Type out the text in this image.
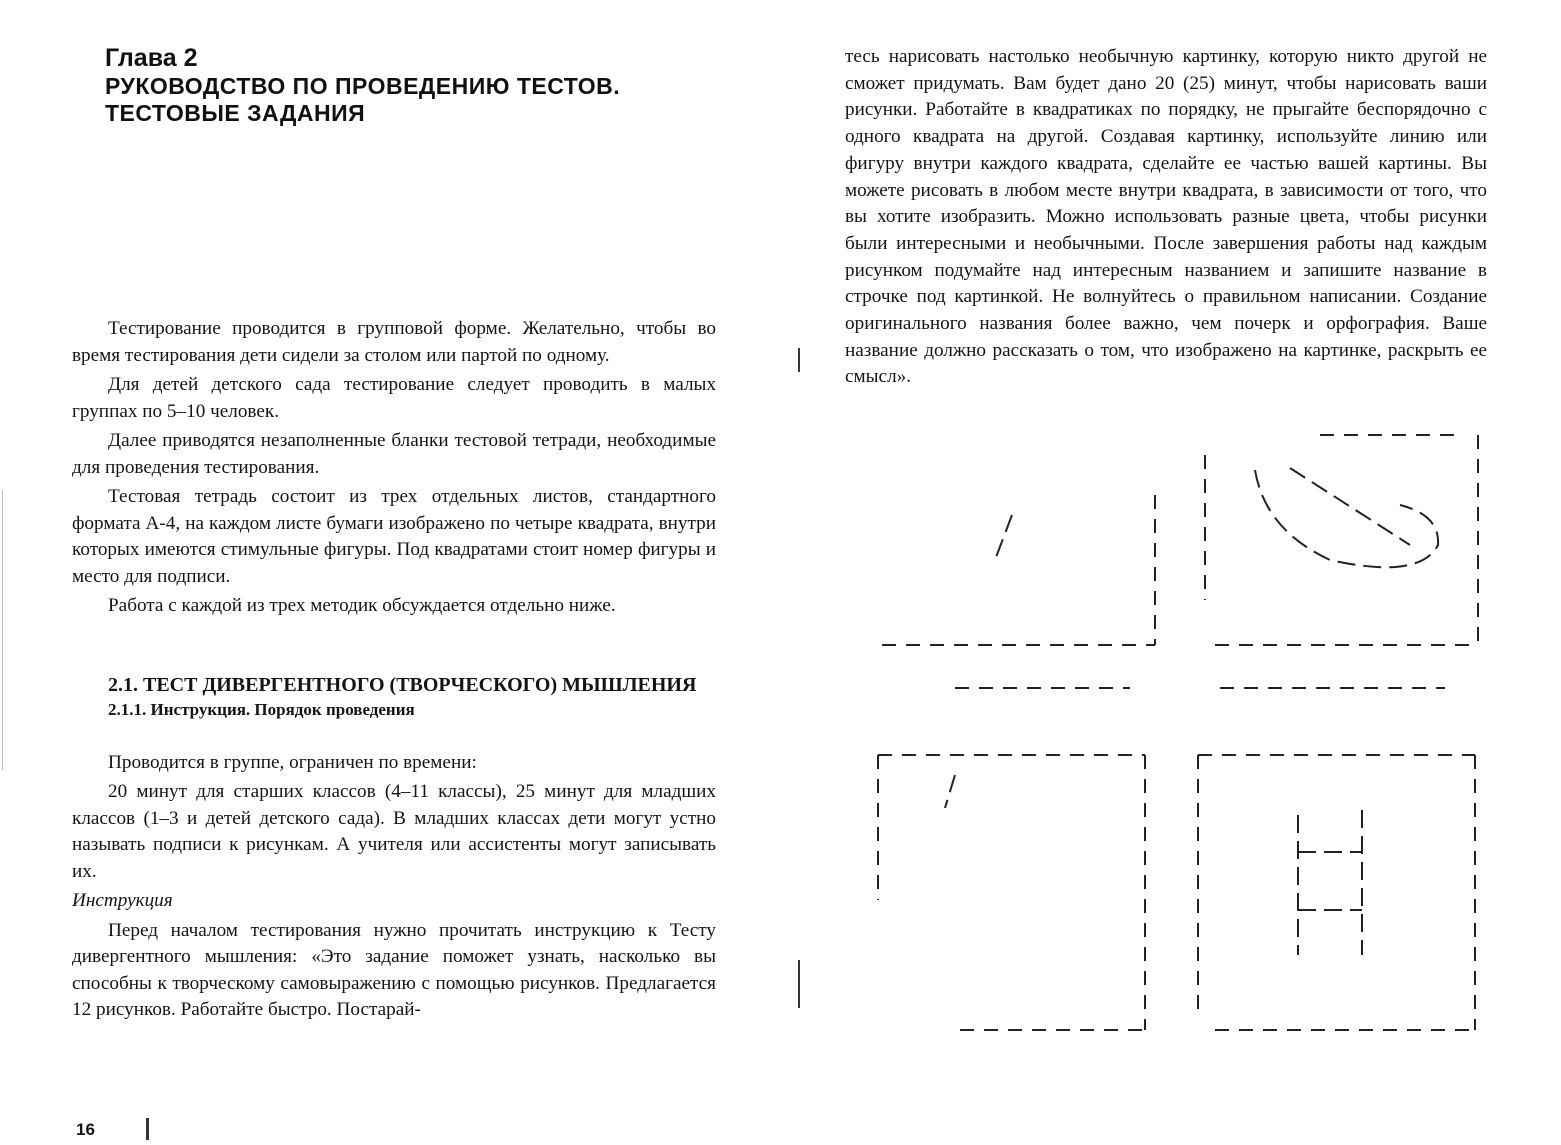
Глава 2
РУКОВОДСТВО ПО ПРОВЕДЕНИЮ ТЕСТОВ.
ТЕСТОВЫЕ ЗАДАНИЯ

Тестирование проводится в групповой форме. Желательно, чтобы во время тестирования дети сидели за столом или партой по одному.

Для детей детского сада тестирование следует проводить в малых группах по 5–10 человек.

Далее приводятся незаполненные бланки тестовой тетради, необходимые для проведения тестирования.

Тестовая тетрадь состоит из трех отдельных листов, стандартного формата А-4, на каждом листе бумаги изображено по четыре квадрата, внутри которых имеются стимульные фигуры. Под квадратами стоит номер фигуры и место для подписи.

Работа с каждой из трех методик обсуждается отдельно ниже.

2.1. ТЕСТ ДИВЕРГЕНТНОГО (ТВОРЧЕСКОГО) МЫШЛЕНИЯ
2.1.1. Инструкция. Порядок проведения

Проводится в группе, ограничен по времени:

20 минут для старших классов (4–11 классы), 25 минут для младших классов (1–3 и детей детского сада). В младших классах дети могут устно называть подписи к рисункам. А учителя или ассистенты могут записывать их.

Инструкция

Перед началом тестирования нужно прочитать инструкцию к Тесту дивергентного мышления: «Это задание поможет узнать, насколько вы способны к творческому самовыражению с помощью рисунков. Предлагается 12 рисунков. Работайте быстро. Постарай-

тесь нарисовать настолько необычную картинку, которую никто другой не сможет придумать. Вам будет дано 20 (25) минут, чтобы нарисовать ваши рисунки. Работайте в квадратиках по порядку, не прыгайте беспорядочно с одного квадрата на другой. Создавая картинку, используйте линию или фигуру внутри каждого квадрата, сделайте ее частью вашей картины. Вы можете рисовать в любом месте внутри квадрата, в зависимости от того, что вы хотите изобразить. Можно использовать разные цвета, чтобы рисунки были интересными и необычными. После завершения работы над каждым рисунком подумайте над интересным названием и запишите название в строчке под картинкой. Не волнуйтесь о правильном написании. Создание оригинального названия более важно, чем почерк и орфография. Ваше название должно рассказать о том, что изображено на картинке, раскрыть ее смысл».

16
